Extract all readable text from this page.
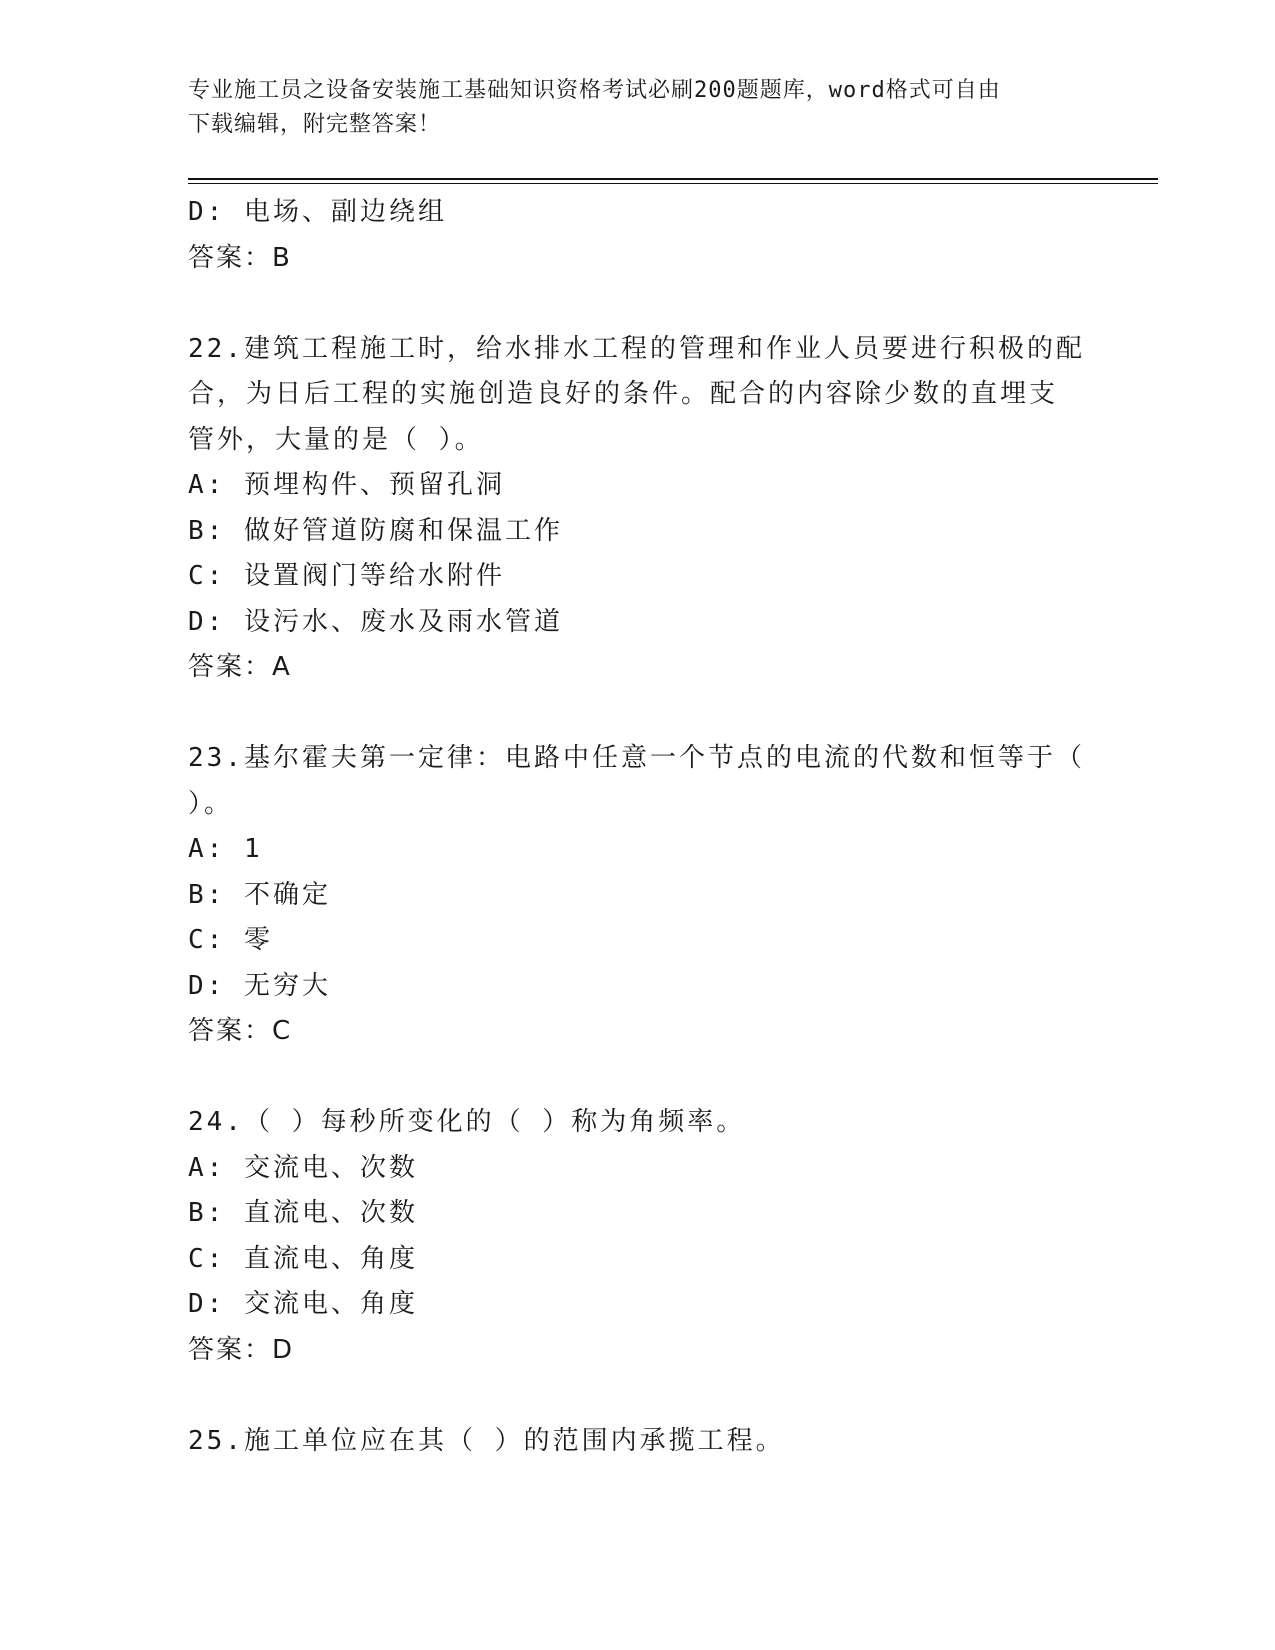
专业施工员之设备安装施工基础知识资格考试必刷200题题库，word格式可自由
下载编辑，附完整答案！
D: 电场、副边绕组
答案：B
22.建筑工程施工时，给水排水工程的管理和作业人员要进行积极的配
合，为日后工程的实施创造良好的条件。配合的内容除少数的直埋支
管外，大量的是（ ）。
A: 预埋构件、预留孔洞
B: 做好管道防腐和保温工作
C: 设置阀门等给水附件
D: 设污水、废水及雨水管道
答案：A
23.基尔霍夫第一定律：电路中任意一个节点的电流的代数和恒等于（
）。
A: 1
B: 不确定
C: 零
D: 无穷大
答案：C
24.（ ）每秒所变化的（ ）称为角频率。
A: 交流电、次数
B: 直流电、次数
C: 直流电、角度
D: 交流电、角度
答案：D
25.施工单位应在其（ ）的范围内承揽工程。
